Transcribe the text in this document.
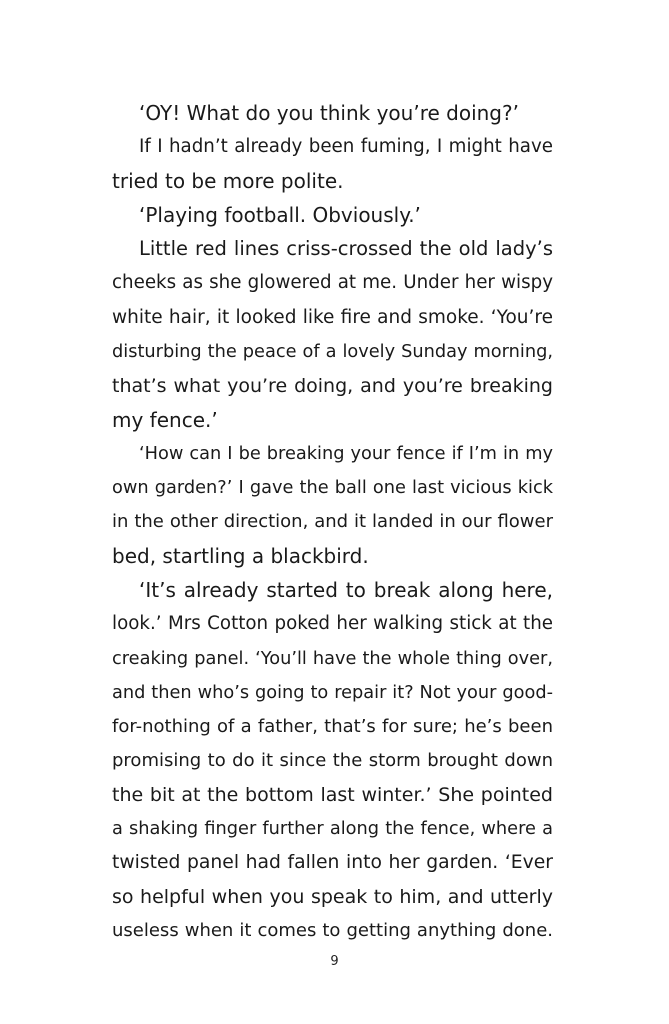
‘OY! What do you think you’re doing?’

If I hadn’t already been fuming, I might have

tried to be more polite.

‘Playing football. Obviously.’

Little red lines criss-crossed the old lady’s

cheeks as she glowered at me. Under her wispy

white hair, it looked like fire and smoke. ‘You’re

disturbing the peace of a lovely Sunday morning,

that’s what you’re doing, and you’re breaking

my fence.’

‘How can I be breaking your fence if I’m in my

own garden?’ I gave the ball one last vicious kick

in the other direction, and it landed in our flower

bed, startling a blackbird.

‘It’s already started to break along here,

look.’ Mrs Cotton poked her walking stick at the

creaking panel. ‘You’ll have the whole thing over,

and then who’s going to repair it? Not your good-

for-nothing of a father, that’s for sure; he’s been

promising to do it since the storm brought down

the bit at the bottom last winter.’ She pointed

a shaking finger further along the fence, where a

twisted panel had fallen into her garden. ‘Ever

so helpful when you speak to him, and utterly

useless when it comes to getting anything done.

9
